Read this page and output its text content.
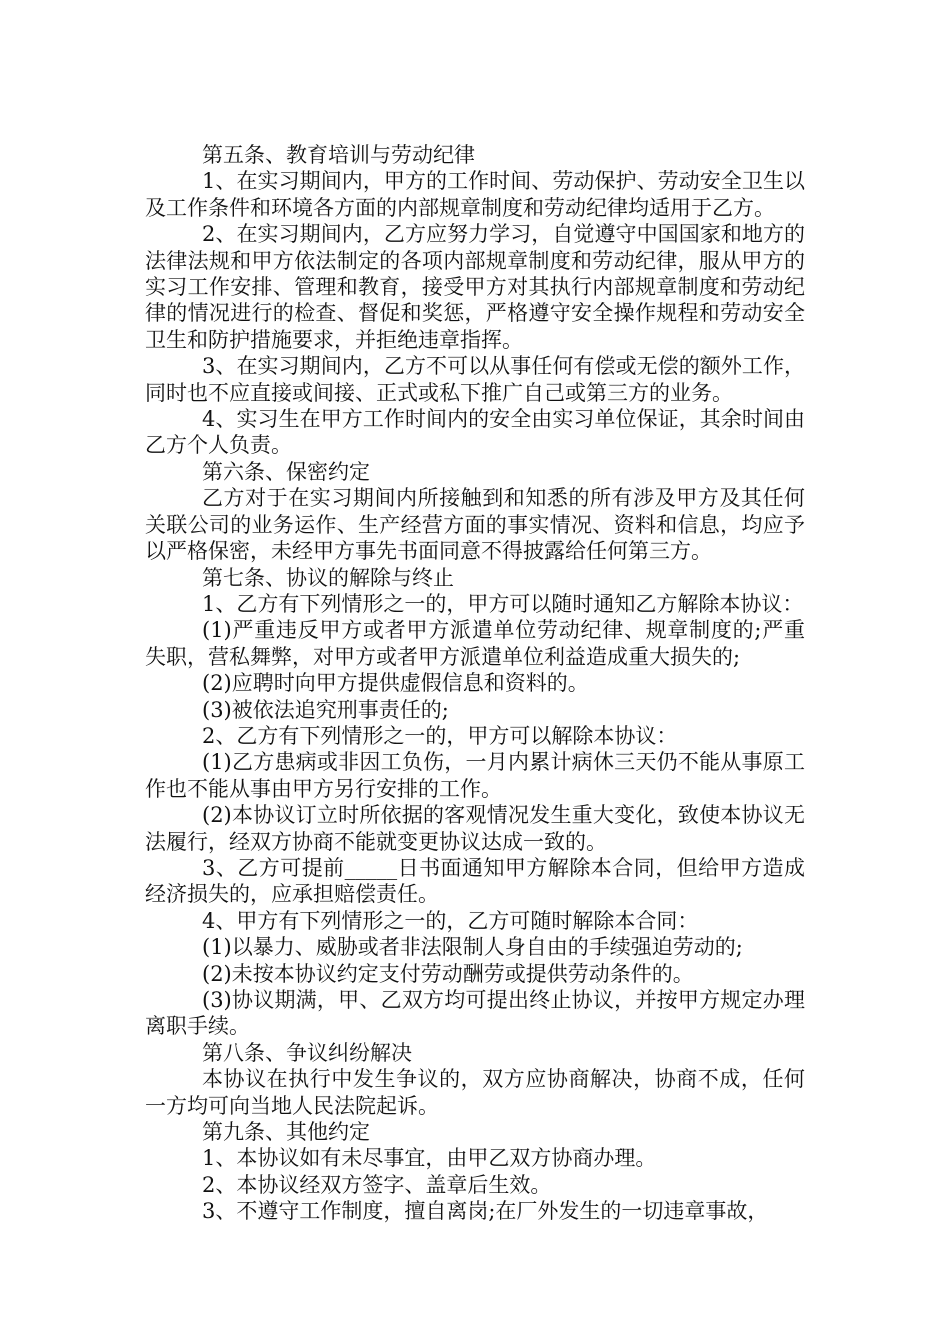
第五条、教育培训与劳动纪律

1、在实习期间内，甲方的工作时间、劳动保护、劳动安全卫生以及工作条件和环境各方面的内部规章制度和劳动纪律均适用于乙方。

2、在实习期间内，乙方应努力学习，自觉遵守中国国家和地方的法律法规和甲方依法制定的各项内部规章制度和劳动纪律，服从甲方的实习工作安排、管理和教育，接受甲方对其执行内部规章制度和劳动纪律的情况进行的检查、督促和奖惩，严格遵守安全操作规程和劳动安全卫生和防护措施要求，并拒绝违章指挥。

3、在实习期间内，乙方不可以从事任何有偿或无偿的额外工作，同时也不应直接或间接、正式或私下推广自己或第三方的业务。

4、实习生在甲方工作时间内的安全由实习单位保证，其余时间由乙方个人负责。

第六条、保密约定

乙方对于在实习期间内所接触到和知悉的所有涉及甲方及其任何关联公司的业务运作、生产经营方面的事实情况、资料和信息，均应予以严格保密，未经甲方事先书面同意不得披露给任何第三方。

第七条、协议的解除与终止

1、乙方有下列情形之一的，甲方可以随时通知乙方解除本协议：

(1)严重违反甲方或者甲方派遣单位劳动纪律、规章制度的;严重失职，营私舞弊，对甲方或者甲方派遣单位利益造成重大损失的;

(2)应聘时向甲方提供虚假信息和资料的。

(3)被依法追究刑事责任的;

2、乙方有下列情形之一的，甲方可以解除本协议：

(1)乙方患病或非因工负伤，一月内累计病休三天仍不能从事原工作也不能从事由甲方另行安排的工作。

(2)本协议订立时所依据的客观情况发生重大变化，致使本协议无法履行，经双方协商不能就变更协议达成一致的。

3、乙方可提前_____日书面通知甲方解除本合同，但给甲方造成经济损失的，应承担赔偿责任。

4、甲方有下列情形之一的，乙方可随时解除本合同：

(1)以暴力、威胁或者非法限制人身自由的手续强迫劳动的;

(2)未按本协议约定支付劳动酬劳或提供劳动条件的。

(3)协议期满，甲、乙双方均可提出终止协议，并按甲方规定办理离职手续。

第八条、争议纠纷解决

本协议在执行中发生争议的，双方应协商解决，协商不成，任何一方均可向当地人民法院起诉。

第九条、其他约定

1、本协议如有未尽事宜，由甲乙双方协商办理。

2、本协议经双方签字、盖章后生效。

3、不遵守工作制度，擅自离岗;在厂外发生的一切违章事故，
